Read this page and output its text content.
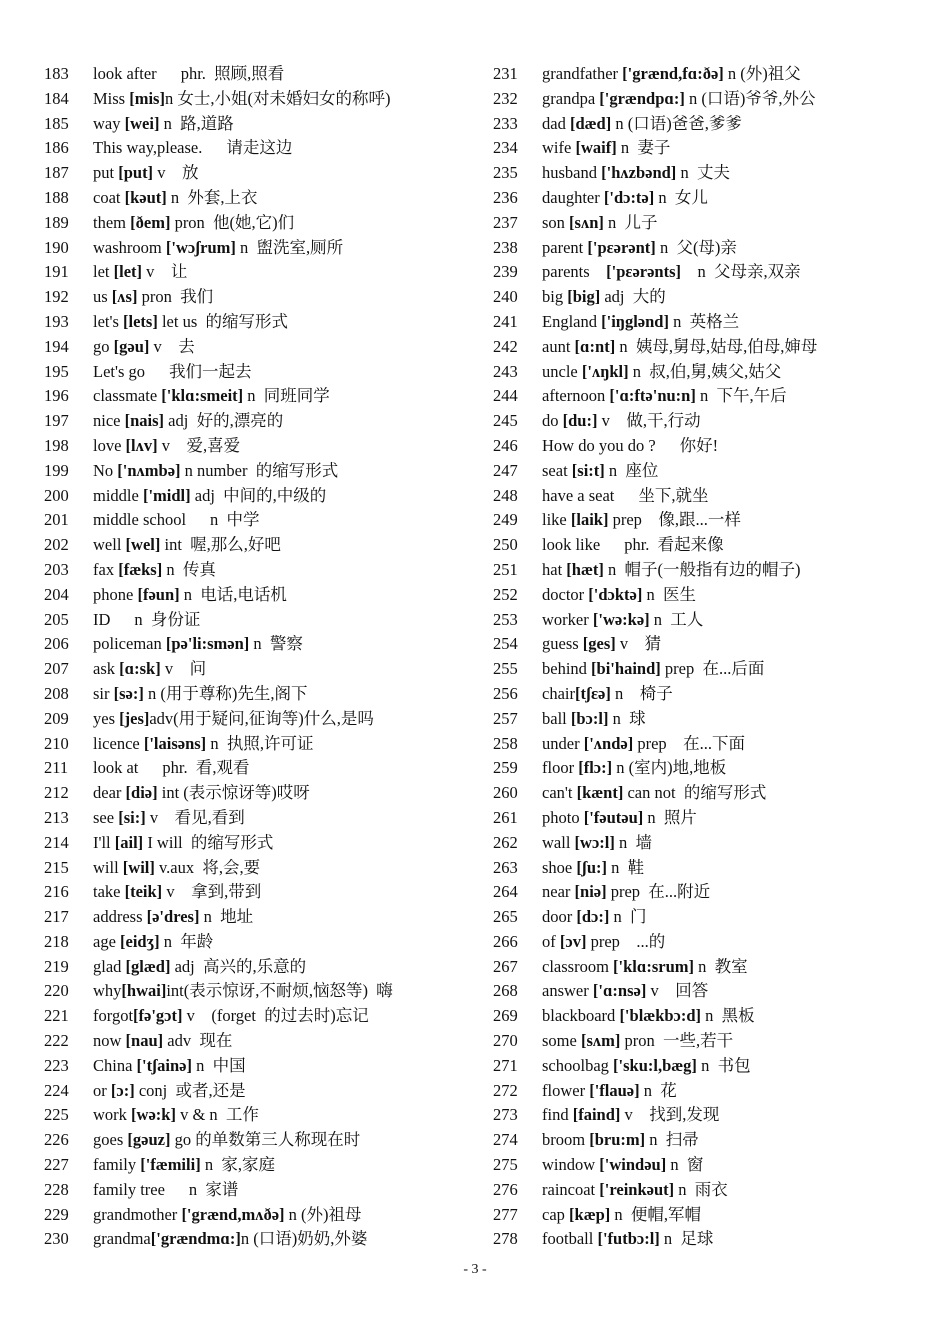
183	look after phr.  照顾,照看
184	Miss [mis] n 女士,小姐(对未婚妇女的称呼)
185	way [wei] n  路,道路
186	This way,please. 请走这边
187	put [put] v    放
188	coat [kəut] n  外套,上衣
189	them [ðem] pron  他(她,它)们
190	washroom ['wɔʃrum] n  盥洗室,厕所
191	let [let] v    让
192	us [ʌs] pron  我们
193	let's [lets] let us  的缩写形式
194	go [gəu] v    去
195	Let's go 我们一起去
196	classmate ['klɑ:smeit] n  同班同学
197	nice [nais] adj  好的,漂亮的
198	love [lʌv] v    爱,喜爱
199	No ['nʌmbə] n number  的缩写形式
200	middle ['midl] adj  中间的,中级的
201	middle school n  中学
202	well [wel] int  喔,那么,好吧
203	fax [fæks] n  传真
204	phone [fəun] n  电话,电话机
205	ID n  身份证
206	policeman [pə'li:smən] n  警察
207	ask [ɑ:sk] v    问
208	sir [sə:] n (用于尊称)先生,阁下
209	yes [jes] adv(用于疑问,征询等)什么,是吗
210	licence ['laisəns] n  执照,许可证
211	look at phr.  看,观看
212	dear [diə] int (表示惊讶等)哎呀
213	see [si:] v    看见,看到
214	I'll [ail] I will  的缩写形式
215	will [wil] v.aux  将,会,要
216	take [teik] v    拿到,带到
217	address [ə'dres] n  地址
218	age [eidʒ] n  年龄
219	glad [glæd] adj  高兴的,乐意的
220	why [hwai] int(表示惊讶,不耐烦,恼怒等)  嗨
221	forgot [fə'gɔt] v    (forget  的过去时)忘记
222	now [nau] adv  现在
223	China ['tʃainə] n  中国
224	or [ɔ:] conj  或者,还是
225	work [wə:k] v & n  工作
226	goes [gəuz] go 的单数第三人称现在时
227	family ['fæmili] n  家,家庭
228	family tree n  家谱
229	grandmother ['grænd,mʌðə] n (外)祖母
230	grandma ['grændmɑ:] n (口语)奶奶,外婆
231	grandfather ['grænd,fɑ:ðə] n (外)祖父
232	grandpa ['grændpɑ:] n (口语)爷爷,外公
233	dad [dæd] n (口语)爸爸,爹爹
234	wife [waif] n  妻子
235	husband ['hʌzbənd] n  丈夫
236	daughter ['dɔ:tə] n  女儿
237	son [sʌn] n  儿子
238	parent ['pεərənt] n  父(母)亲
239	parents ['pεərənts] n  父母亲,双亲
240	big [big] adj  大的
241	England ['iŋglənd] n  英格兰
242	aunt [ɑ:nt] n  姨母,舅母,姑母,伯母,婶母
243	uncle ['ʌŋkl] n  叔,伯,舅,姨父,姑父
244	afternoon ['ɑ:ftə'nu:n] n  下午,午后
245	do [du:] v    做,干,行动
246	How do you do ? 你好!
247	seat [si:t] n  座位
248	have a seat 坐下,就坐
249	like [laik] prep    像,跟...一样
250	look like phr.  看起来像
251	hat [hæt] n  帽子(一般指有边的帽子)
252	doctor ['dɔktə] n  医生
253	worker ['wə:kə] n  工人
254	guess [ges] v    猜
255	behind [bi'haind] prep  在...后面
256	chair [tʃεə] n    椅子
257	ball [bɔ:l] n  球
258	under ['ʌndə] prep    在...下面
259	floor [flɔ:] n (室内)地,地板
260	can't [kænt] can not  的缩写形式
261	photo ['fəutəu] n  照片
262	wall [wɔ:l] n  墙
263	shoe [ʃu:] n  鞋
264	near [niə] prep  在...附近
265	door [dɔ:] n  门
266	of [ɔv] prep    ...的
267	classroom ['klɑ:srum] n  教室
268	answer ['ɑ:nsə] v    回答
269	blackboard ['blækbɔ:d] n  黑板
270	some [sʌm] pron  一些,若干
271	schoolbag ['sku:l,bæg] n  书包
272	flower ['flauə] n  花
273	find [faind] v    找到,发现
274	broom [bru:m] n  扫帚
275	window ['windəu] n  窗
276	raincoat ['reinkəut] n  雨衣
277	cap [kæp] n  便帽,军帽
278	football ['futbɔ:l] n  足球
- 3 -
